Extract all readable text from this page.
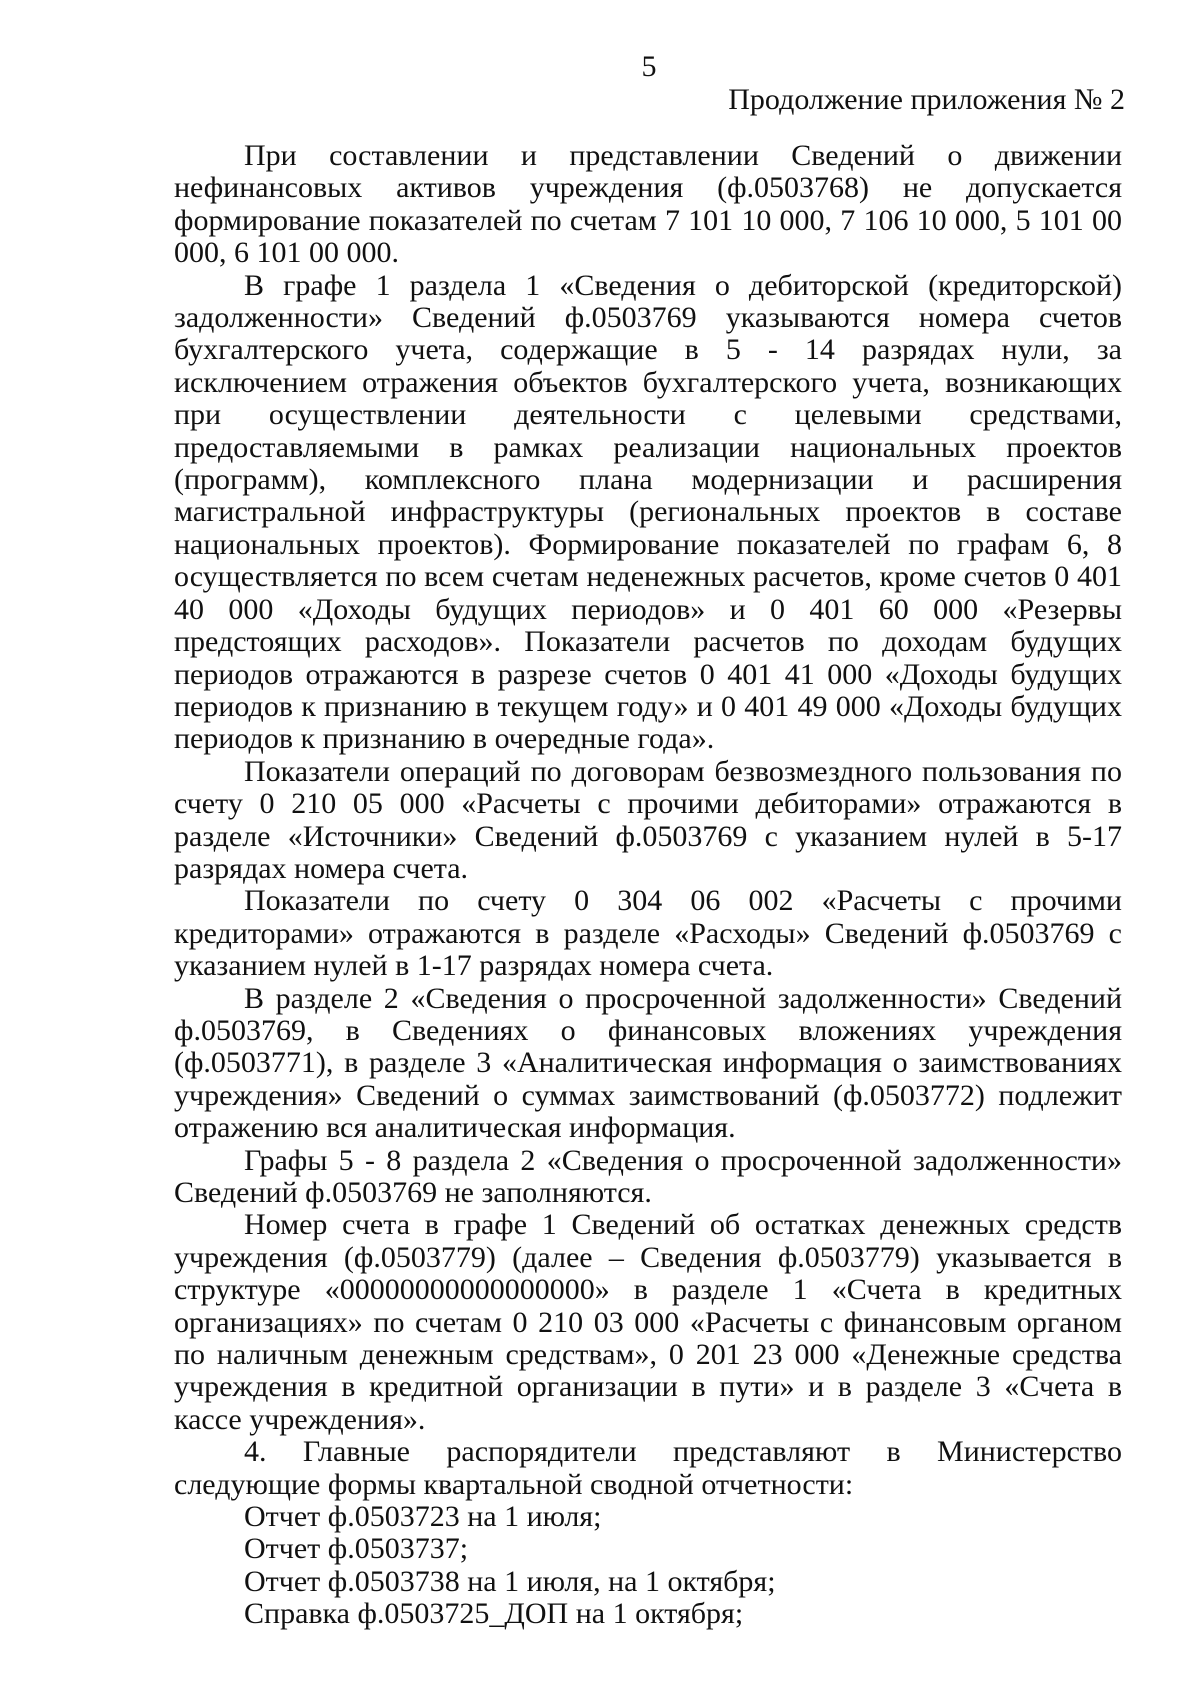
5
Продолжение приложения № 2

При составлении и представлении Сведений о движении нефинансовых активов учреждения (ф.0503768) не допускается формирование показателей по счетам 7 101 10 000, 7 106 10 000, 5 101 00 000, 6 101 00 000.

В графе 1 раздела 1 «Сведения о дебиторской (кредиторской) задолженности» Сведений ф.0503769 указываются номера счетов бухгалтерского учета, содержащие в 5 - 14 разрядах нули, за исключением отражения объектов бухгалтерского учета, возникающих при осуществлении деятельности с целевыми средствами, предоставляемыми в рамках реализации национальных проектов (программ), комплексного плана модернизации и расширения магистральной инфраструктуры (региональных проектов в составе национальных проектов). Формирование показателей по графам 6, 8 осуществляется по всем счетам неденежных расчетов, кроме счетов 0 401 40 000 «Доходы будущих периодов» и 0 401 60 000 «Резервы предстоящих расходов». Показатели расчетов по доходам будущих периодов отражаются в разрезе счетов 0 401 41 000 «Доходы будущих периодов к признанию в текущем году» и 0 401 49 000 «Доходы будущих периодов к признанию в очередные года».

Показатели операций по договорам безвозмездного пользования по счету 0 210 05 000 «Расчеты с прочими дебиторами» отражаются в разделе «Источники» Сведений ф.0503769 с указанием нулей в 5-17 разрядах номера счета.

Показатели по счету 0 304 06 002 «Расчеты с прочими кредиторами» отражаются в разделе «Расходы» Сведений ф.0503769 с указанием нулей в 1-17 разрядах номера счета.

В разделе 2 «Сведения о просроченной задолженности» Сведений ф.0503769, в Сведениях о финансовых вложениях учреждения (ф.0503771), в разделе 3 «Аналитическая информация о заимствованиях учреждения» Сведений о суммах заимствований (ф.0503772) подлежит отражению вся аналитическая информация.

Графы 5 - 8 раздела 2 «Сведения о просроченной задолженности» Сведений ф.0503769 не заполняются.

Номер счета в графе 1 Сведений об остатках денежных средств учреждения (ф.0503779) (далее – Сведения ф.0503779) указывается в структуре «00000000000000000» в разделе 1 «Счета в кредитных организациях» по счетам 0 210 03 000 «Расчеты с финансовым органом по наличным денежным средствам», 0 201 23 000 «Денежные средства учреждения в кредитной организации в пути» и в разделе 3 «Счета в кассе учреждения».

4. Главные распорядители представляют в Министерство следующие формы квартальной сводной отчетности:

Отчет ф.0503723 на 1 июля;

Отчет ф.0503737;

Отчет ф.0503738 на 1 июля, на 1 октября;

Справка ф.0503725_ДОП на 1 октября;
